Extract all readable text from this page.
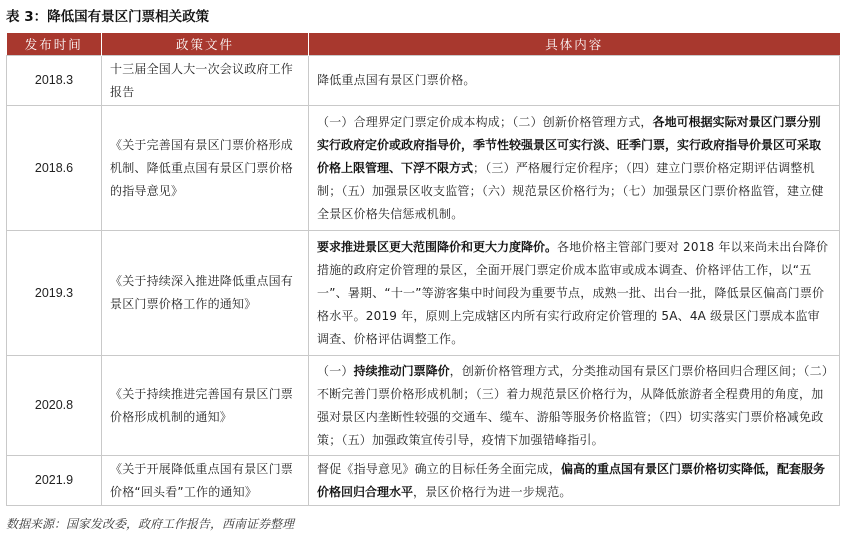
表 3：降低国有景区门票相关政策
发布时间	政策文件	具体内容
2018.3	十三届全国人大一次会议政府工作报告	降低重点国有景区门票价格。
2018.6	《关于完善国有景区门票价格形成机制、降低重点国有景区门票价格的指导意见》	（一）合理界定门票定价成本构成；（二）创新价格管理方式，各地可根据实际对景区门票分别实行政府定价或政府指导价，季节性较强景区可实行淡、旺季门票，实行政府指导价景区可采取价格上限管理、下浮不限方式；（三）严格履行定价程序；（四）建立门票价格定期评估调整机制；（五）加强景区收支监管；（六）规范景区价格行为；（七）加强景区门票价格监管，建立健全景区价格失信惩戒机制。
2019.3	《关于持续深入推进降低重点国有景区门票价格工作的通知》	要求推进景区更大范围降价和更大力度降价。各地价格主管部门要对 2018 年以来尚未出台降价措施的政府定价管理的景区，全面开展门票定价成本监审或成本调查、价格评估工作，以“五一”、暑期、“十一”等游客集中时间段为重要节点，成熟一批、出台一批，降低景区偏高门票价格水平。2019 年，原则上完成辖区内所有实行政府定价管理的 5A、4A 级景区门票成本监审调查、价格评估调整工作。
2020.8	《关于持续推进完善国有景区门票价格形成机制的通知》	（一）持续推动门票降价，创新价格管理方式，分类推动国有景区门票价格回归合理区间；（二）不断完善门票价格形成机制；（三）着力规范景区价格行为，从降低旅游者全程费用的角度，加强对景区内垄断性较强的交通车、缆车、游船等服务价格监管；（四）切实落实门票价格减免政策；（五）加强政策宣传引导，疫情下加强错峰指引。
2021.9	《关于开展降低重点国有景区门票价格“回头看”工作的通知》	督促《指导意见》确立的目标任务全面完成，偏高的重点国有景区门票价格切实降低，配套服务价格回归合理水平，景区价格行为进一步规范。
数据来源：国家发改委，政府工作报告，西南证券整理
